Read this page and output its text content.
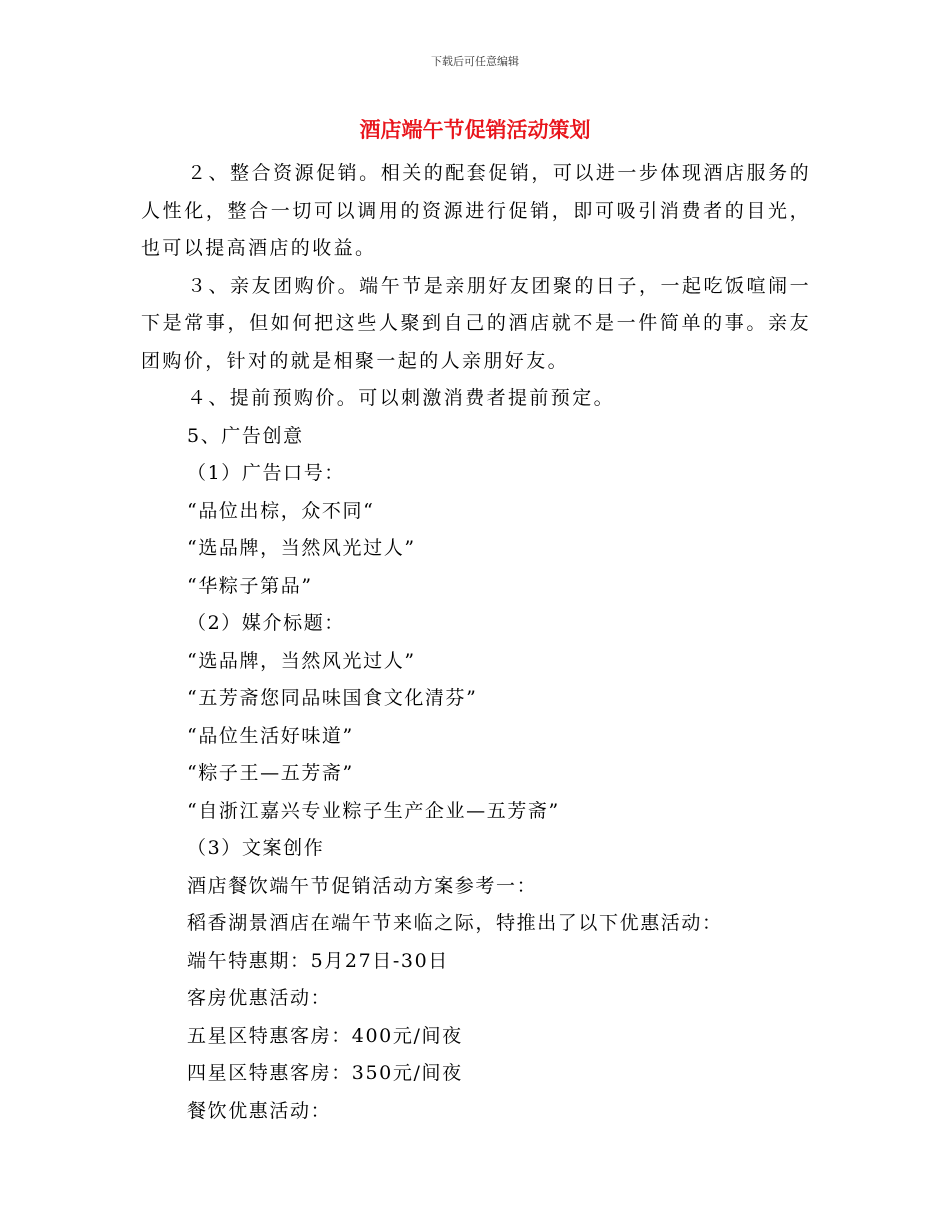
下载后可任意编辑
酒店端午节促销活动策划

２、整合资源促销。相关的配套促销，可以进一步体现酒店服务的人性化，整合一切可以调用的资源进行促销，即可吸引消费者的目光，也可以提高酒店的收益。

３、亲友团购价。端午节是亲朋好友团聚的日子，一起吃饭喧闹一下是常事，但如何把这些人聚到自己的酒店就不是一件简单的事。亲友团购价，针对的就是相聚一起的人亲朋好友。

４、提前预购价。可以刺激消费者提前预定。

5、广告创意

（1）广告口号：

“品位出棕，众不同“

“选品牌，当然风光过人”

“华粽子第品”

（2）媒介标题：

“选品牌，当然风光过人”

“五芳斋您同品味国食文化清芬”

“品位生活好味道”

“粽子王—五芳斋”

“自浙江嘉兴专业粽子生产企业—五芳斋”

（3）文案创作

酒店餐饮端午节促销活动方案参考一：

稻香湖景酒店在端午节来临之际，特推出了以下优惠活动：

端午特惠期：5月27日-30日

客房优惠活动：

五星区特惠客房：400元/间夜

四星区特惠客房：350元/间夜

餐饮优惠活动：
